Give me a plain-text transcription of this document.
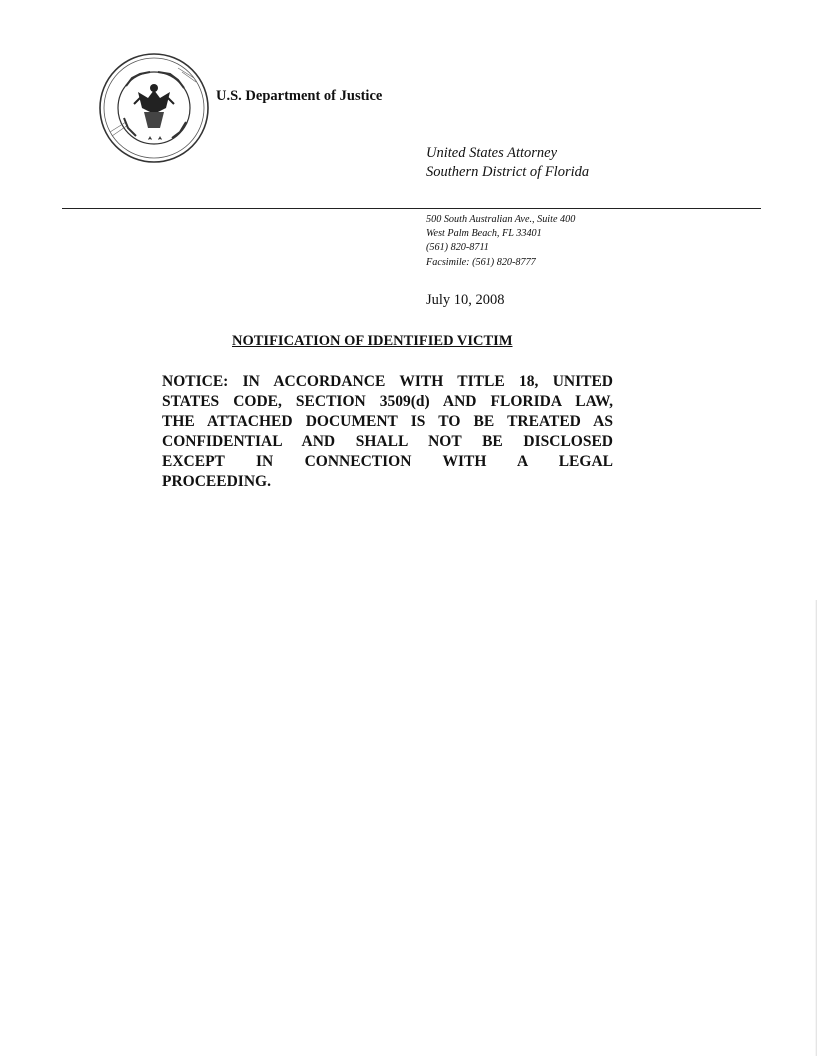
U.S. Department of Justice
United States Attorney
Southern District of Florida
500 South Australian Ave., Suite 400
West Palm Beach, FL 33401
(561) 820-8711
Facsimile: (561) 820-8777
July 10, 2008
NOTIFICATION OF IDENTIFIED VICTIM
NOTICE: IN ACCORDANCE WITH TITLE 18, UNITED
STATES CODE, SECTION 3509(d) AND FLORIDA LAW,
THE ATTACHED DOCUMENT IS TO BE TREATED AS
CONFIDENTIAL AND SHALL NOT BE DISCLOSED
EXCEPT IN CONNECTION WITH A LEGAL
PROCEEDING.
